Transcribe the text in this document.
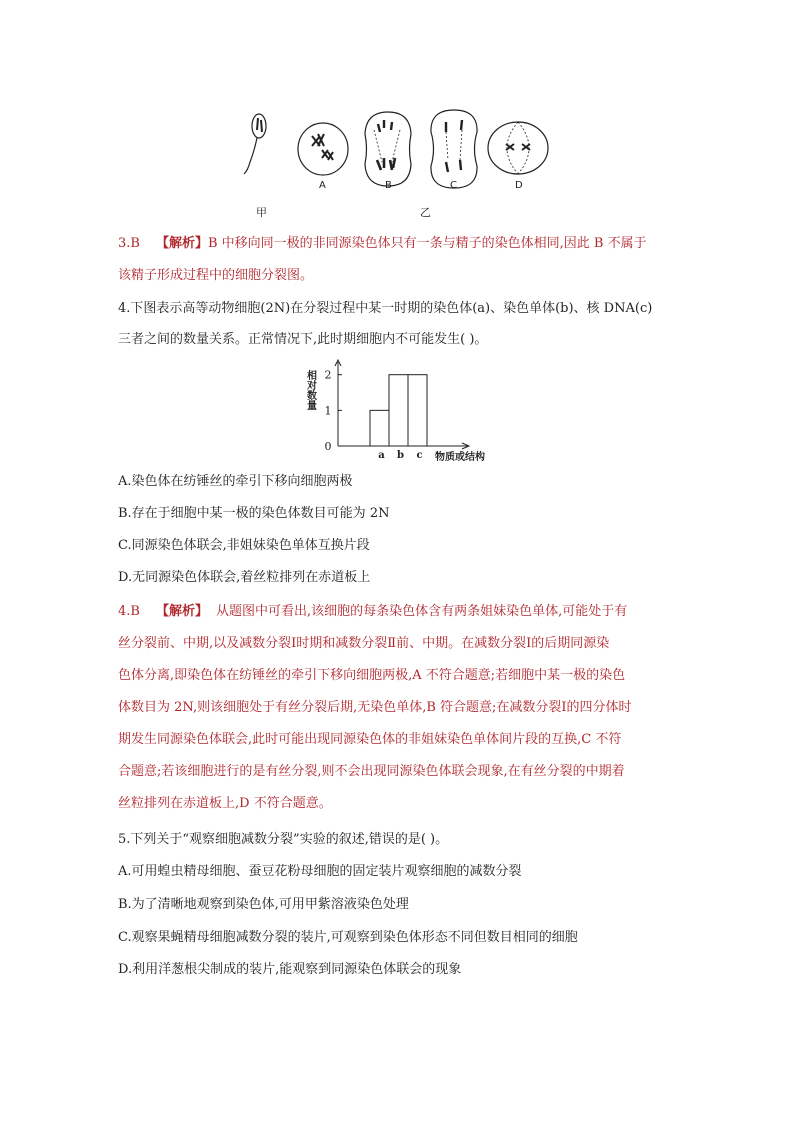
A	B	C	D
甲	乙
3.B 【解析】B 中移向同一极的非同源染色体只有一条与精子的染色体相同,因此 B 不属于
该精子形成过程中的细胞分裂图。
4.下图表示高等动物细胞(2N)在分裂过程中某一时期的染色体(a)、染色单体(b)、核 DNA(c)
三者之间的数量关系。正常情况下,此时期细胞内不可能发生( )。
0
1
2
a b c 物质或结构
相对数量
A.染色体在纺锤丝的牵引下移向细胞两极
B.存在于细胞中某一极的染色体数目可能为 2N
C.同源染色体联会,非姐妹染色单体互换片段
D.无同源染色体联会,着丝粒排列在赤道板上
4.B 【解析】 从题图中可看出,该细胞的每条染色体含有两条姐妹染色单体,可能处于有
丝分裂前、中期,以及减数分裂Ⅰ时期和减数分裂Ⅱ前、中期。在减数分裂Ⅰ的后期同源染
色体分离,即染色体在纺锤丝的牵引下移向细胞两极,A 不符合题意;若细胞中某一极的染色
体数目为 2N,则该细胞处于有丝分裂后期,无染色单体,B 符合题意;在减数分裂Ⅰ的四分体时
期发生同源染色体联会,此时可能出现同源染色体的非姐妹染色单体间片段的互换,C 不符
合题意;若该细胞进行的是有丝分裂,则不会出现同源染色体联会现象,在有丝分裂的中期着
丝粒排列在赤道板上,D 不符合题意。
5.下列关于“观察细胞减数分裂”实验的叙述,错误的是( )。
A.可用蝗虫精母细胞、蚕豆花粉母细胞的固定装片观察细胞的减数分裂
B.为了清晰地观察到染色体,可用甲紫溶液染色处理
C.观察果蝇精母细胞减数分裂的装片,可观察到染色体形态不同但数目相同的细胞
D.利用洋葱根尖制成的装片,能观察到同源染色体联会的现象
